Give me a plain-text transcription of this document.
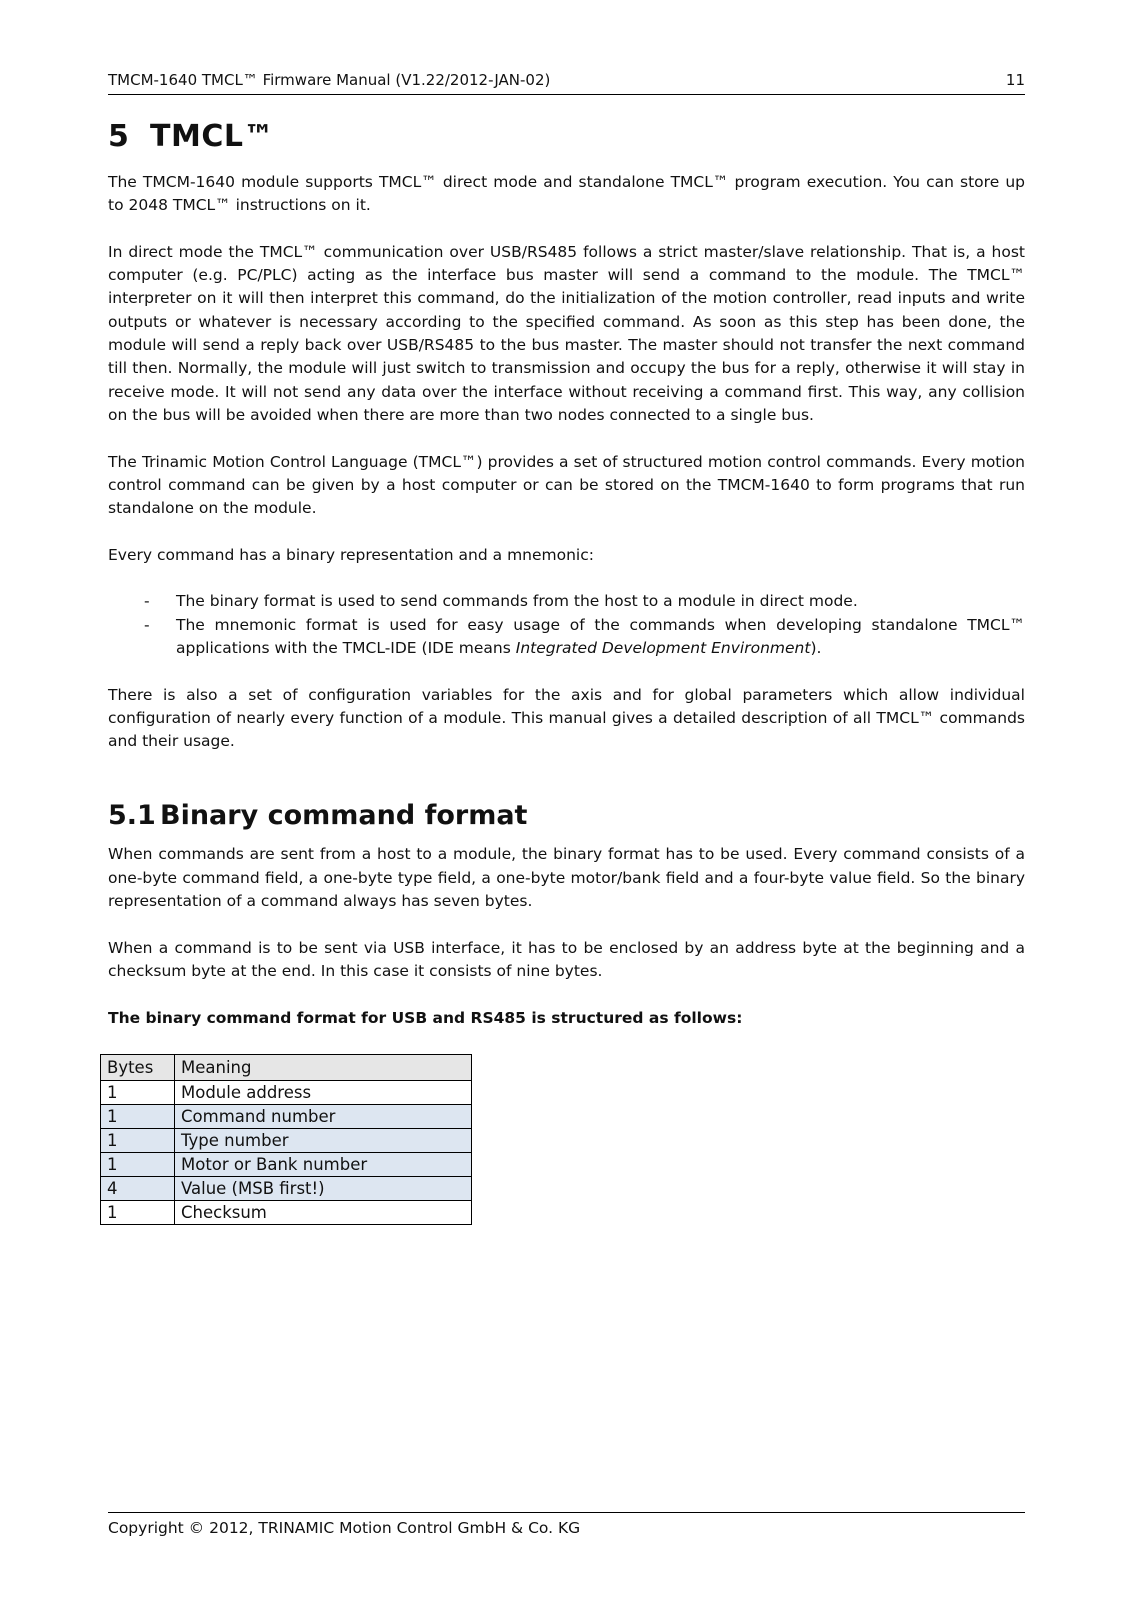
TMCM-1640 TMCL™ Firmware Manual (V1.22/2012-JAN-02)	11
5 TMCL™

The TMCM-1640 module supports TMCL™ direct mode and standalone TMCL™ program execution. You can store up to 2048 TMCL™ instructions on it.

In direct mode the TMCL™ communication over USB/RS485 follows a strict master/slave relationship. That is, a host computer (e.g. PC/PLC) acting as the interface bus master will send a command to the module. The TMCL™ interpreter on it will then interpret this command, do the initialization of the motion controller, read inputs and write outputs or whatever is necessary according to the specified command. As soon as this step has been done, the module will send a reply back over USB/RS485 to the bus master. The master should not transfer the next command till then. Normally, the module will just switch to transmission and occupy the bus for a reply, otherwise it will stay in receive mode. It will not send any data over the interface without receiving a command first. This way, any collision on the bus will be avoided when there are more than two nodes connected to a single bus.

The Trinamic Motion Control Language (TMCL™) provides a set of structured motion control commands. Every motion control command can be given by a host computer or can be stored on the TMCM-1640 to form programs that run standalone on the module.

Every command has a binary representation and a mnemonic:

- The binary format is used to send commands from the host to a module in direct mode.
- The mnemonic format is used for easy usage of the commands when developing standalone TMCL™ applications with the TMCL-IDE (IDE means Integrated Development Environment).

There is also a set of configuration variables for the axis and for global parameters which allow individual configuration of nearly every function of a module. This manual gives a detailed description of all TMCL™ commands and their usage.

5.1 Binary command format

When commands are sent from a host to a module, the binary format has to be used. Every command consists of a one-byte command field, a one-byte type field, a one-byte motor/bank field and a four-byte value field. So the binary representation of a command always has seven bytes.

When a command is to be sent via USB interface, it has to be enclosed by an address byte at the beginning and a checksum byte at the end. In this case it consists of nine bytes.

The binary command format for USB and RS485 is structured as follows:
Bytes	Meaning
1	Module address
1	Command number
1	Type number
1	Motor or Bank number
4	Value (MSB first!)
1	Checksum
Copyright © 2012, TRINAMIC Motion Control GmbH & Co. KG
